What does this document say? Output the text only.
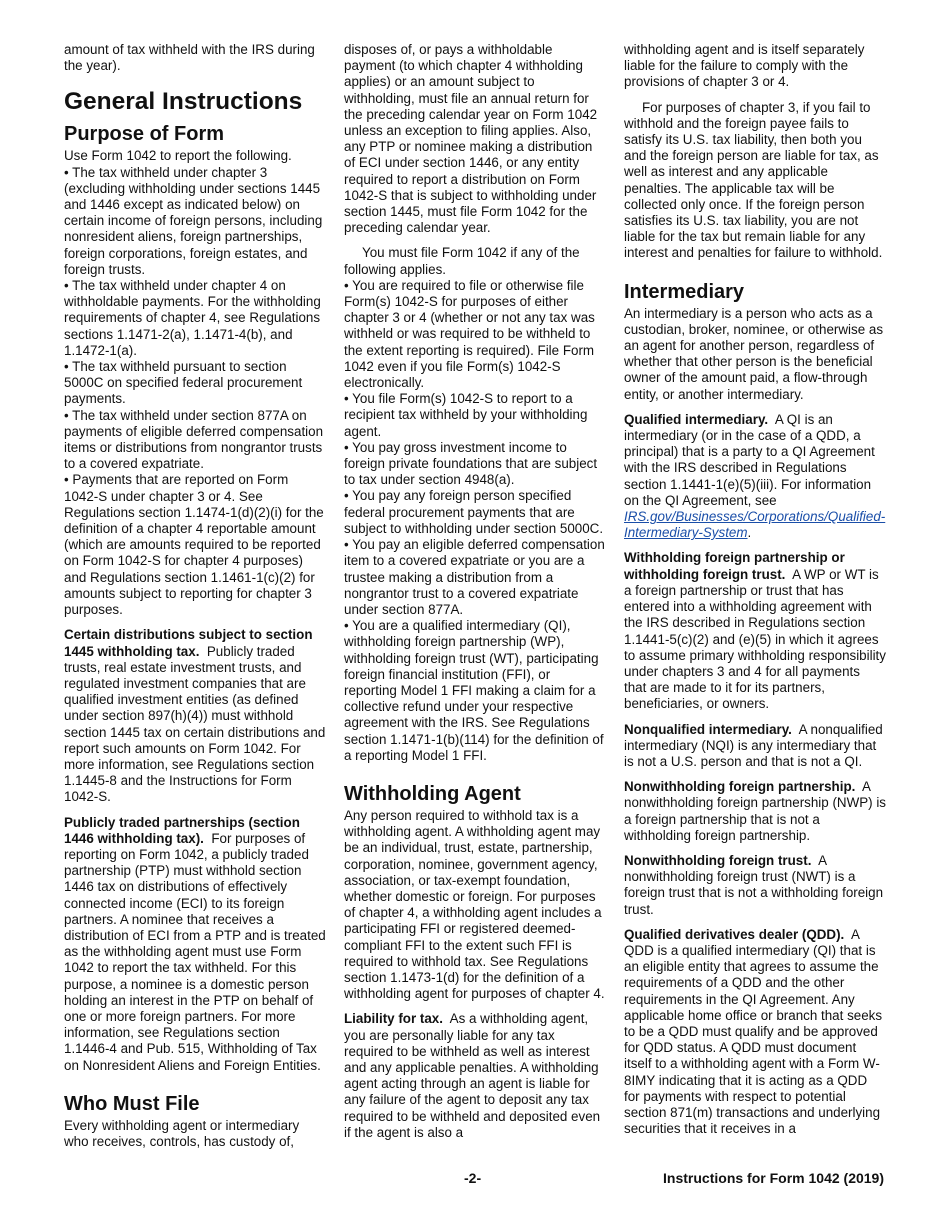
amount of tax withheld with the IRS during the year).

General Instructions
Purpose of Form

Use Form 1042 to report the following.

• The tax withheld under chapter 3 (excluding withholding under sections 1445 and 1446 except as indicated below) on certain income of foreign persons, including nonresident aliens, foreign partnerships, foreign corporations, foreign estates, and foreign trusts.

• The tax withheld under chapter 4 on withholdable payments. For the withholding requirements of chapter 4, see Regulations sections 1.1471-2(a), 1.1471-4(b), and 1.1472-1(a).

• The tax withheld pursuant to section 5000C on specified federal procurement payments.

• The tax withheld under section 877A on payments of eligible deferred compensation items or distributions from nongrantor trusts to a covered expatriate.

• Payments that are reported on Form 1042-S under chapter 3 or 4. See Regulations section 1.1474-1(d)(2)(i) for the definition of a chapter 4 reportable amount (which are amounts required to be reported on Form 1042-S for chapter 4 purposes) and Regulations section 1.1461-1(c)(2) for amounts subject to reporting for chapter 3 purposes.

Certain distributions subject to section 1445 withholding tax. Publicly traded trusts, real estate investment trusts, and regulated investment companies that are qualified investment entities (as defined under section 897(h)(4)) must withhold section 1445 tax on certain distributions and report such amounts on Form 1042. For more information, see Regulations section 1.1445-8 and the Instructions for Form 1042-S.

Publicly traded partnerships (section 1446 withholding tax). For purposes of reporting on Form 1042, a publicly traded partnership (PTP) must withhold section 1446 tax on distributions of effectively connected income (ECI) to its foreign partners. A nominee that receives a distribution of ECI from a PTP and is treated as the withholding agent must use Form 1042 to report the tax withheld. For this purpose, a nominee is a domestic person holding an interest in the PTP on behalf of one or more foreign partners. For more information, see Regulations section 1.1446-4 and Pub. 515, Withholding of Tax on Nonresident Aliens and Foreign Entities.

Who Must File

Every withholding agent or intermediary who receives, controls, has custody of,

disposes of, or pays a withholdable payment (to which chapter 4 withholding applies) or an amount subject to withholding, must file an annual return for the preceding calendar year on Form 1042 unless an exception to filing applies. Also, any PTP or nominee making a distribution of ECI under section 1446, or any entity required to report a distribution on Form 1042-S that is subject to withholding under section 1445, must file Form 1042 for the preceding calendar year.

You must file Form 1042 if any of the following applies.

• You are required to file or otherwise file Form(s) 1042-S for purposes of either chapter 3 or 4 (whether or not any tax was withheld or was required to be withheld to the extent reporting is required). File Form 1042 even if you file Form(s) 1042-S electronically.

• You file Form(s) 1042-S to report to a recipient tax withheld by your withholding agent.

• You pay gross investment income to foreign private foundations that are subject to tax under section 4948(a).

• You pay any foreign person specified federal procurement payments that are subject to withholding under section 5000C.

• You pay an eligible deferred compensation item to a covered expatriate or you are a trustee making a distribution from a nongrantor trust to a covered expatriate under section 877A.

• You are a qualified intermediary (QI), withholding foreign partnership (WP), withholding foreign trust (WT), participating foreign financial institution (FFI), or reporting Model 1 FFI making a claim for a collective refund under your respective agreement with the IRS. See Regulations section 1.1471-1(b)(114) for the definition of a reporting Model 1 FFI.

Withholding Agent

Any person required to withhold tax is a withholding agent. A withholding agent may be an individual, trust, estate, partnership, corporation, nominee, government agency, association, or tax-exempt foundation, whether domestic or foreign. For purposes of chapter 4, a withholding agent includes a participating FFI or registered deemed-compliant FFI to the extent such FFI is required to withhold tax. See Regulations section 1.1473-1(d) for the definition of a withholding agent for purposes of chapter 4.

Liability for tax. As a withholding agent, you are personally liable for any tax required to be withheld as well as interest and any applicable penalties. A withholding agent acting through an agent is liable for any failure of the agent to deposit any tax required to be withheld and deposited even if the agent is also a

withholding agent and is itself separately liable for the failure to comply with the provisions of chapter 3 or 4.

For purposes of chapter 3, if you fail to withhold and the foreign payee fails to satisfy its U.S. tax liability, then both you and the foreign person are liable for tax, as well as interest and any applicable penalties. The applicable tax will be collected only once. If the foreign person satisfies its U.S. tax liability, you are not liable for the tax but remain liable for any interest and penalties for failure to withhold.

Intermediary

An intermediary is a person who acts as a custodian, broker, nominee, or otherwise as an agent for another person, regardless of whether that other person is the beneficial owner of the amount paid, a flow-through entity, or another intermediary.

Qualified intermediary. A QI is an intermediary (or in the case of a QDD, a principal) that is a party to a QI Agreement with the IRS described in Regulations section 1.1441-1(e)(5)(iii). For information on the QI Agreement, see IRS.gov/Businesses/Corporations/Qualified-Intermediary-System.

Withholding foreign partnership or withholding foreign trust. A WP or WT is a foreign partnership or trust that has entered into a withholding agreement with the IRS described in Regulations section 1.1441-5(c)(2) and (e)(5) in which it agrees to assume primary withholding responsibility under chapters 3 and 4 for all payments that are made to it for its partners, beneficiaries, or owners.

Nonqualified intermediary. A nonqualified intermediary (NQI) is any intermediary that is not a U.S. person and that is not a QI.

Nonwithholding foreign partnership. A nonwithholding foreign partnership (NWP) is a foreign partnership that is not a withholding foreign partnership.

Nonwithholding foreign trust. A nonwithholding foreign trust (NWT) is a foreign trust that is not a withholding foreign trust.

Qualified derivatives dealer (QDD). A QDD is a qualified intermediary (QI) that is an eligible entity that agrees to assume the requirements of a QDD and the other requirements in the QI Agreement. Any applicable home office or branch that seeks to be a QDD must qualify and be approved for QDD status. A QDD must document itself to a withholding agent with a Form W-8IMY indicating that it is acting as a QDD for payments with respect to potential section 871(m) transactions and underlying securities that it receives in a

-2-	Instructions for Form 1042 (2019)
